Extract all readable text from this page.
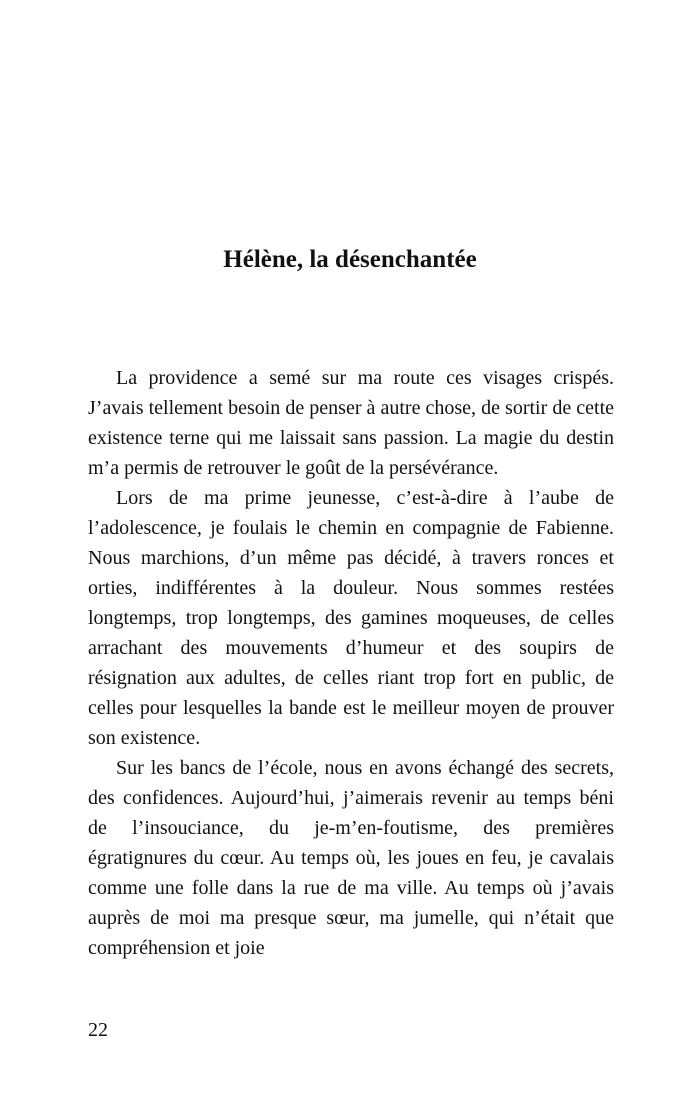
Hélène, la désenchantée

La providence a semé sur ma route ces visages crispés. J’avais tellement besoin de penser à autre chose, de sortir de cette existence terne qui me laissait sans passion. La magie du destin m’a permis de retrouver le goût de la persévérance.

Lors de ma prime jeunesse, c’est-à-dire à l’aube de l’adolescence, je foulais le chemin en compagnie de Fabienne. Nous marchions, d’un même pas décidé, à travers ronces et orties, indifférentes à la douleur. Nous sommes restées longtemps, trop longtemps, des gamines moqueuses, de celles arrachant des mouvements d’humeur et des soupirs de résignation aux adultes, de celles riant trop fort en public, de celles pour lesquelles la bande est le meilleur moyen de prouver son existence.

Sur les bancs de l’école, nous en avons échangé des secrets, des confidences. Aujourd’hui, j’aimerais revenir au temps béni de l’insouciance, du je-m’en-foutisme, des premières égratignures du cœur. Au temps où, les joues en feu, je cavalais comme une folle dans la rue de ma ville. Au temps où j’avais auprès de moi ma presque sœur, ma jumelle, qui n’était que compréhension et joie

22
